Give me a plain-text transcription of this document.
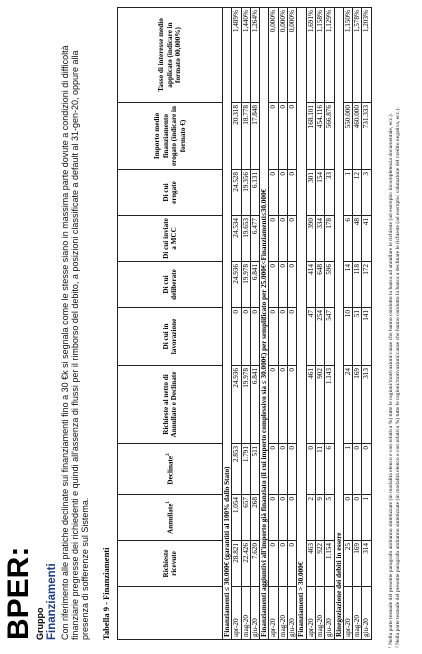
BPER: Gruppo Finanziamenti Con riferimento alle pratiche declinate sui finanziamenti fino a 30 €k si segnala come le stesse siano in massima parte dovute a condizioni di difficoltà finanziarie pregresse dei richiedenti e quindi all'assenza di flussi per il rimborso del debito, a posizioni classificate a default al 31-gen-20, oppure alla presenza di sofferenze sul Sistema. Tabella 9 - Finanziamenti
		Richieste ricevute	Annullate$^1$	Declinate$^2$	Richieste al netto di Annullate e Declinate	Di cui in lavorazione	Di cui deliberate	Di cui inviate a MCC	Di cui erogate	Importo medio finanziamento erogato (indicare in formato €)	Tasso di interesse medio applicato (indicare in formato 00,000%)
Finanziamenti ≤ 30.000€ (garantiti al 100% dallo Stato)										
apr-20	28.821	1.054	2.853	24.936	0	24.936	24.534	24.528	20.318	1,489%
mag-20	22.426	657	1.791	19.978	0	19.978	19.653	19.356	18.778	1,440%
giu-20	7.620	268	511	6.841	0	6.841	6.477	6.131	17.848	1,264%
Finanziamenti aggiuntivi all'importo già finanziato (il cui importo complessivo sia ≤ 30.000€) per semplificato per 25.000€<Finanziamenti≤30.000€										
apr-20	0	0	0	0	0	0	0	0	0	0,000%
mag-20	0	0	0	0	0	0	0	0	0	0,000%
giu-20	0	0	0	0	0	0	0	0	0	0,000%
Finanziamenti > 30.000€										
apr-20	463	2	0	461	47	414	390	301	168.101	1,691%
mag-20	922	9	11	902	254	648	334	154	454.116	1,158%
giu-20	1.154	5	6	1.143	547	596	178	33	566.876	1,129%
Rinegoziazione dei debiti in essere										
apr-20	25	0	1	24	10	14	6	1	550.000	1,150%
mag-20	169	0	0	169	51	118	48	12	460.000	1,578%
giu-20	314	1	0	313	141	172	41	3	731.333	1,203%

¹ Nella parte testuale del presente paragrafo andranno sintetizzate (in modalità elenco e con relativa %) tutte le ragioni/motivazioni/cause che hanno condotto la banca ad annullare le richieste (ad esempio: incompletezza documentale, ecc.). ² Nella parte testuale del presente paragrafo andranno sintetizzate (in modalità elenco e con relativa %) tutte le ragioni/motivazioni/cause che hanno condotto la banca a declinare le richieste (ad esempio: valutazione del credito negativa, ecc.).
